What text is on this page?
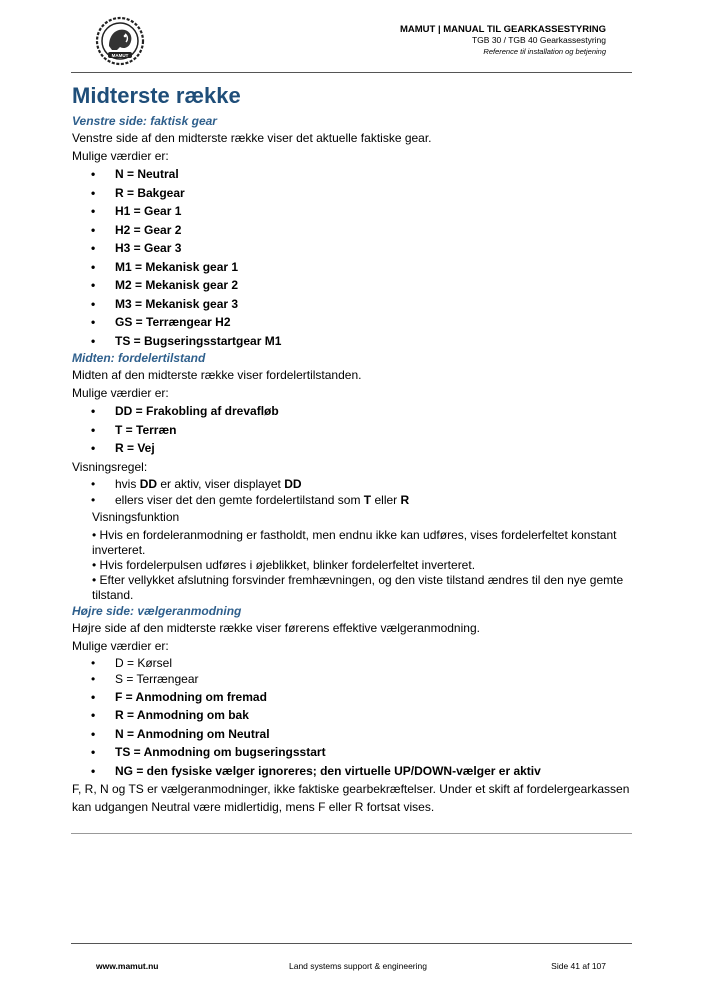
MAMUT
MAMUT | MANUAL TIL GEARKASSESTYRING
TGB 30 / TGB 40 Gearkassestyring
Reference til installation og betjening
Midterste række
Venstre side: faktisk gear

Venstre side af den midterste række viser det aktuelle faktiske gear.

Mulige værdier er:

• N = Neutral
• R = Bakgear
• H1 = Gear 1
• H2 = Gear 2
• H3 = Gear 3
• M1 = Mekanisk gear 1
• M2 = Mekanisk gear 2
• M3 = Mekanisk gear 3
• GS = Terrængear H2
• TS = Bugseringsstartgear M1
Midten: fordelertilstand

Midten af den midterste række viser fordelertilstanden.

Mulige værdier er:

• DD = Frakobling af drevafløb
• T = Terræn
• R = Vej

Visningsregel:

• hvis DD er aktiv, viser displayet DD
• ellers viser det den gemte fordelertilstand som T eller R
Visningsfunktion
• Hvis en fordeleranmodning er fastholdt, men endnu ikke kan udføres, vises fordelerfeltet konstant inverteret.
• Hvis fordelerpulsen udføres i øjeblikket, blinker fordelerfeltet inverteret.
• Efter vellykket afslutning forsvinder fremhævningen, og den viste tilstand ændres til den nye gemte tilstand.
Højre side: vælgeranmodning

Højre side af den midterste række viser førerens effektive vælgeranmodning.

Mulige værdier er:

• D = Kørsel
• S = Terrængear
• F = Anmodning om fremad
• R = Anmodning om bak
• N = Anmodning om Neutral
• TS = Anmodning om bugseringsstart
• NG = den fysiske vælger ignoreres; den virtuelle UP/DOWN-vælger er aktiv

F, R, N og TS er vælgeranmodninger, ikke faktiske gearbekræftelser. Under et skift af fordelergearkassen kan udgangen Neutral være midlertidig, mens F eller R fortsat vises.

www.mamut.nu	Land systems support & engineering	Side 41 af 107
